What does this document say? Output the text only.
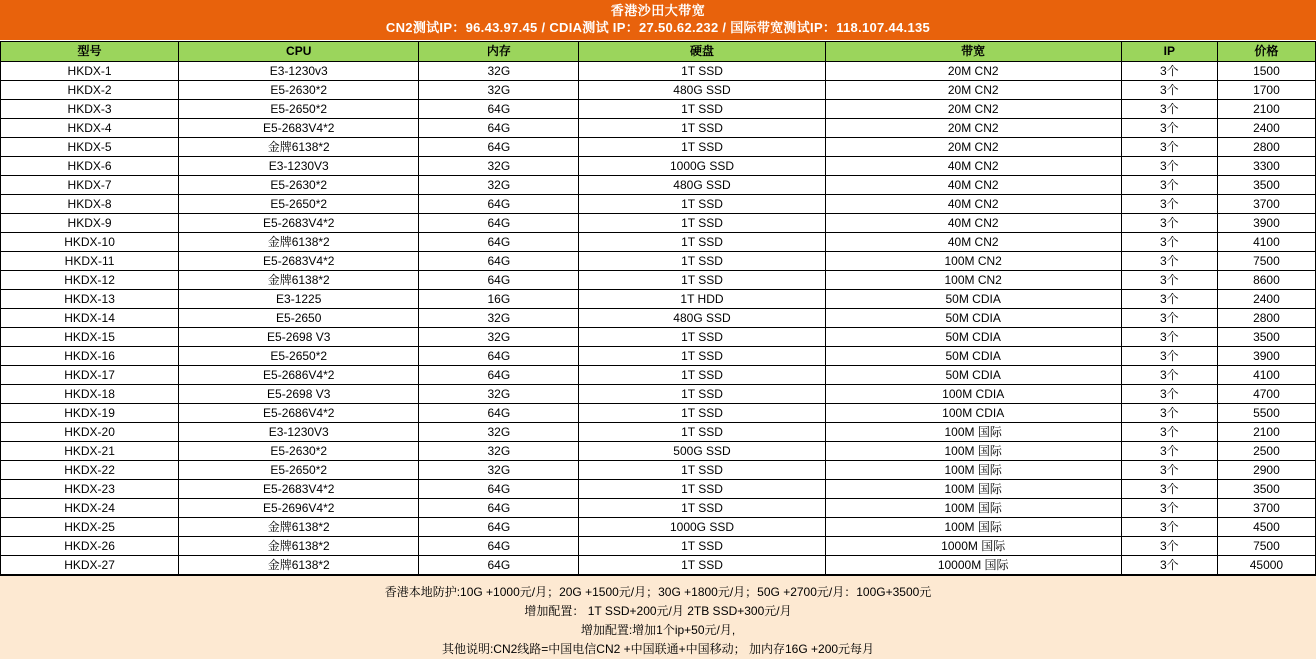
香港沙田大带宽
CN2测试IP：96.43.97.45 / CDIA测试 IP：27.50.62.232 / 国际带宽测试IP：118.107.44.135
型号	CPU	内存	硬盘	带宽	IP	价格
HKDX-1	E3-1230v3	32G	1T SSD	20M CN2	3个	1500
HKDX-2	E5-2630*2	32G	480G SSD	20M CN2	3个	1700
HKDX-3	E5-2650*2	64G	1T SSD	20M CN2	3个	2100
HKDX-4	E5-2683V4*2	64G	1T SSD	20M CN2	3个	2400
HKDX-5	金牌6138*2	64G	1T SSD	20M CN2	3个	2800
HKDX-6	E3-1230V3	32G	1000G SSD	40M CN2	3个	3300
HKDX-7	E5-2630*2	32G	480G SSD	40M CN2	3个	3500
HKDX-8	E5-2650*2	64G	1T SSD	40M CN2	3个	3700
HKDX-9	E5-2683V4*2	64G	1T SSD	40M CN2	3个	3900
HKDX-10	金牌6138*2	64G	1T SSD	40M CN2	3个	4100
HKDX-11	E5-2683V4*2	64G	1T SSD	100M CN2	3个	7500
HKDX-12	金牌6138*2	64G	1T SSD	100M CN2	3个	8600
HKDX-13	E3-1225	16G	1T HDD	50M CDIA	3个	2400
HKDX-14	E5-2650	32G	480G SSD	50M CDIA	3个	2800
HKDX-15	E5-2698 V3	32G	1T SSD	50M CDIA	3个	3500
HKDX-16	E5-2650*2	64G	1T SSD	50M CDIA	3个	3900
HKDX-17	E5-2686V4*2	64G	1T SSD	50M CDIA	3个	4100
HKDX-18	E5-2698 V3	32G	1T SSD	100M CDIA	3个	4700
HKDX-19	E5-2686V4*2	64G	1T SSD	100M CDIA	3个	5500
HKDX-20	E3-1230V3	32G	1T SSD	100M 国际	3个	2100
HKDX-21	E5-2630*2	32G	500G SSD	100M 国际	3个	2500
HKDX-22	E5-2650*2	32G	1T SSD	100M 国际	3个	2900
HKDX-23	E5-2683V4*2	64G	1T SSD	100M 国际	3个	3500
HKDX-24	E5-2696V4*2	64G	1T SSD	100M 国际	3个	3700
HKDX-25	金牌6138*2	64G	1000G SSD	100M 国际	3个	4500
HKDX-26	金牌6138*2	64G	1T SSD	1000M 国际	3个	7500
HKDX-27	金牌6138*2	64G	1T SSD	10000M 国际	3个	45000
香港本地防护:10G +1000元/月；20G +1500元/月；30G +1800元/月；50G +2700元/月：100G+3500元
增加配置： 1T SSD+200元/月 2TB SSD+300元/月
增加配置:增加1个ip+50元/月,
其他说明:CN2线路=中国电信CN2 +中国联通+中国移动； 加内存16G +200元每月
